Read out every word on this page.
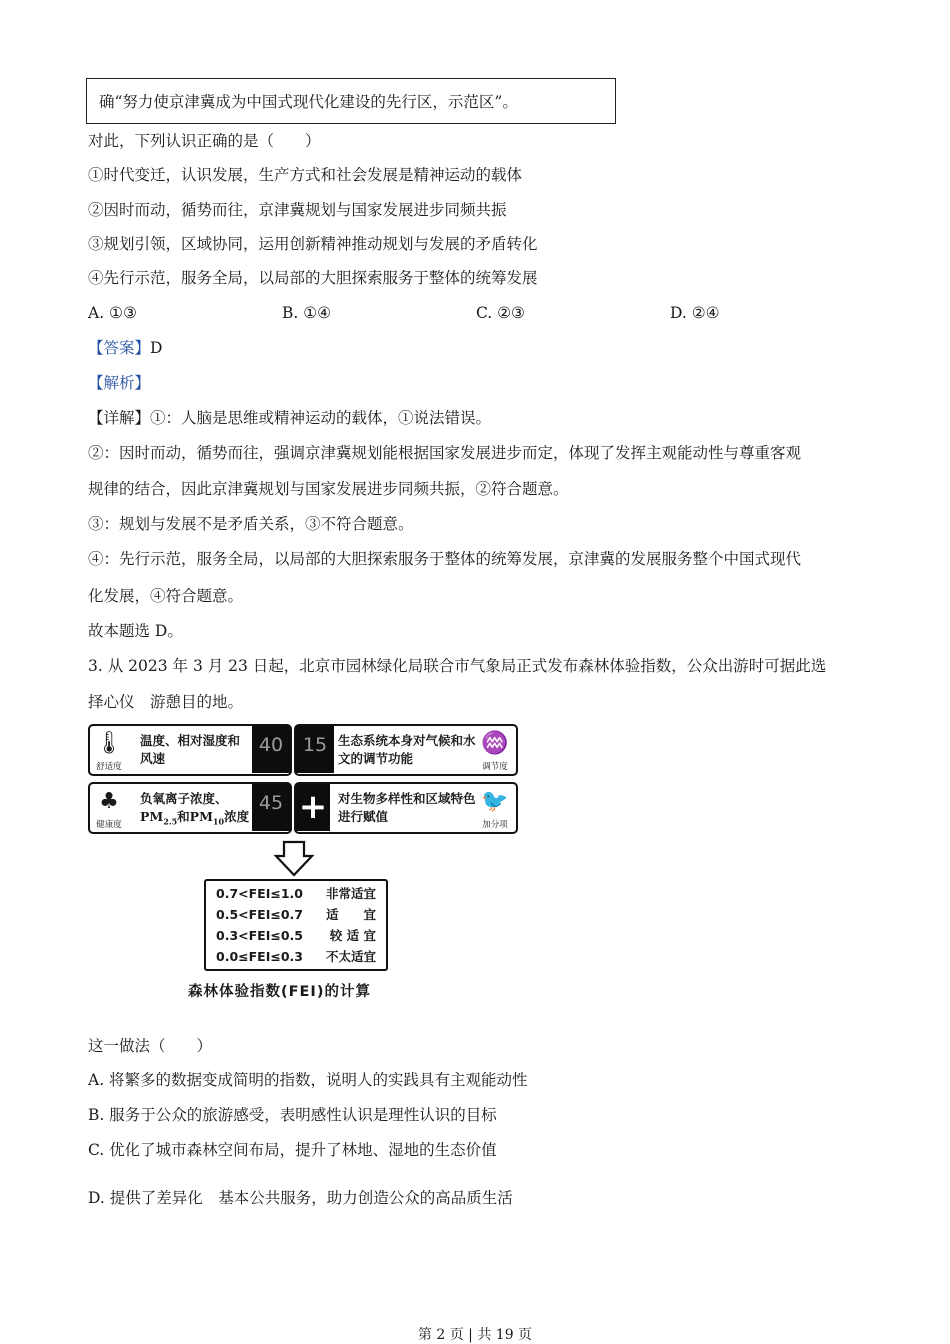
确“努力使京津冀成为中国式现代化建设的先行区，示范区”。
对此，下列认识正确的是（　　）
①时代变迁，认识发展，生产方式和社会发展是精神运动的载体
②因时而动，循势而往，京津冀规划与国家发展进步同频共振
③规划引领，区域协同，运用创新精神推动规划与发展的矛盾转化
④先行示范，服务全局，以局部的大胆探索服务于整体的统筹发展
A. ①③	B. ①④	C. ②③	D. ②④
【答案】D
【解析】
【详解】①：人脑是思维或精神运动的载体，①说法错误。
②：因时而动，循势而往，强调京津冀规划能根据国家发展进步而定，体现了发挥主观能动性与尊重客观
规律的结合，因此京津冀规划与国家发展进步同频共振，②符合题意。
③：规划与发展不是矛盾关系，③不符合题意。
④：先行示范，服务全局，以局部的大胆探索服务于整体的统筹发展，京津冀的发展服务整个中国式现代
化发展，④符合题意。
故本题选 D。
3. 从 2023 年 3 月 23 日起，北京市园林绿化局联合市气象局正式发布森林体验指数，公众出游时可据此选
择心仪　游憩目的地。
🌡
舒适度
温度、相对湿度和风速
40	15 生态系统本身对气候和水文的调节功能
♒
调节度
♣
健康度
负氧离子浓度、
$PM_{2.5}$和$PM_{10}$浓度
45 + 对生物多样性和区域特色进行赋值
🐦
加分项
0.7<FEI≤1.0 非常适宜
0.5<FEI≤0.7 适　　宜
0.3<FEI≤0.5 较 适 宜
0.0≤FEI≤0.3 不太适宜
森林体验指数(FEI)的计算
这一做法（　　）
A. 将繁多的数据变成简明的指数，说明人的实践具有主观能动性
B. 服务于公众的旅游感受，表明感性认识是理性认识的目标
C. 优化了城市森林空间布局，提升了林地、湿地的生态价值
D. 提供了差异化　基本公共服务，助力创造公众的高品质生活
第 2 页 | 共 19 页
